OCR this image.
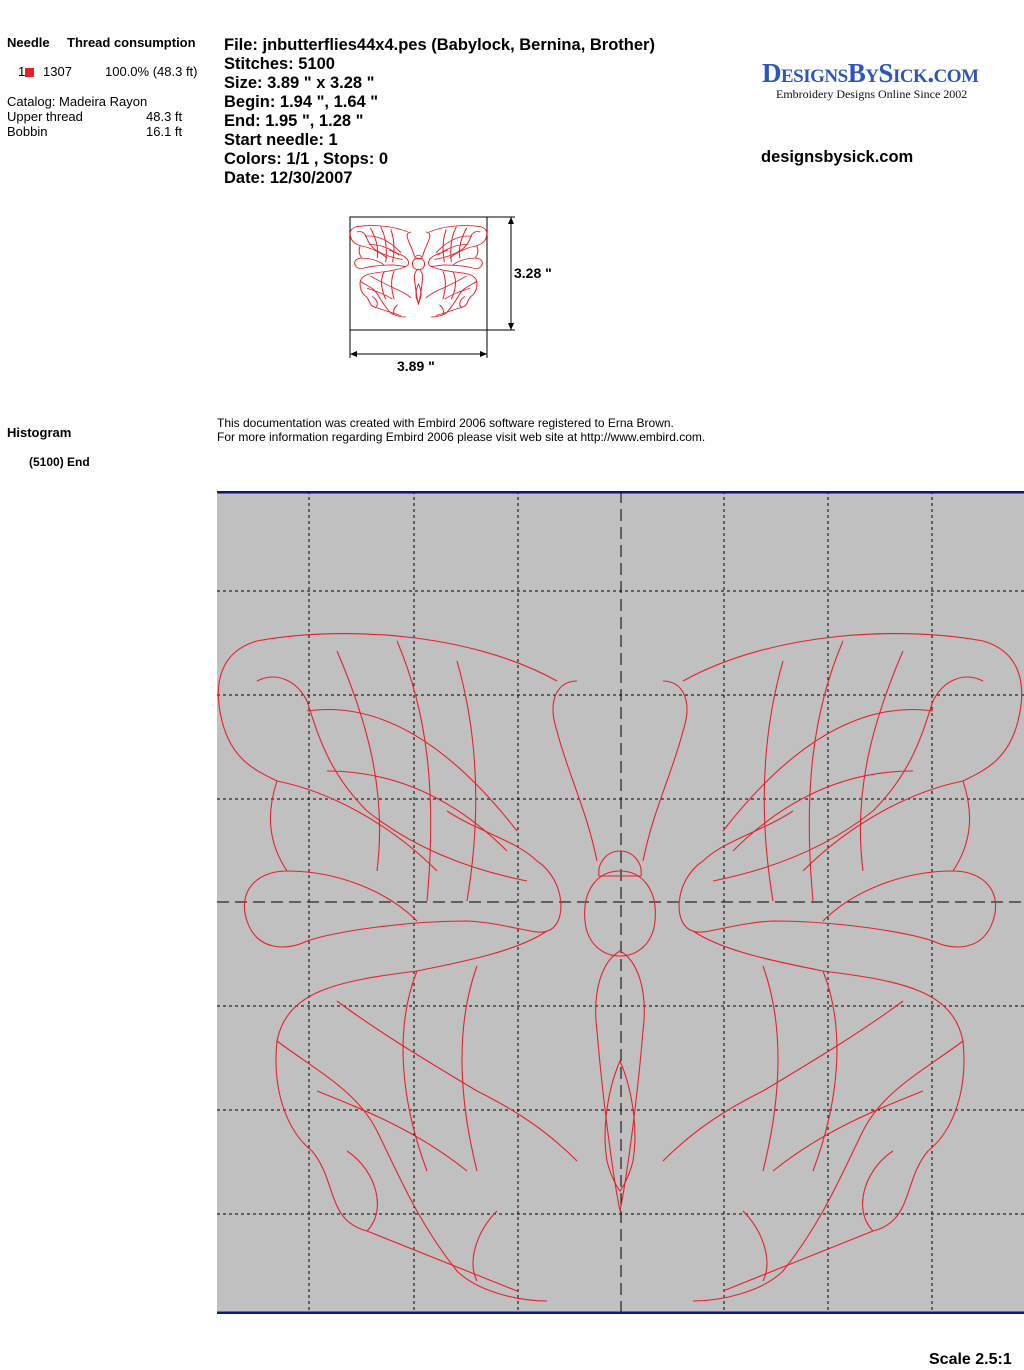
Needle Thread consumption
1	1307	100.0% (48.3 ft)
Catalog: Madeira Rayon
Upper thread	48.3 ft
Bobbin	16.1 ft
File: jnbutterflies44x4.pes (Babylock, Bernina, Brother)
Stitches: 5100
Size: 3.89 " x 3.28 "
Begin: 1.94 ", 1.64 "
End: 1.95 ", 1.28 "
Start needle: 1
Colors: 1/1 , Stops: 0
Date: 12/30/2007
DesignsBySick.com
Embroidery Designs Online Since 2002
designsbysick.com
3.28 "
3.89 "
Histogram
(5100) End
This documentation was created with Embird 2006 software registered to Erna Brown.
For more information regarding Embird 2006 please visit web site at http://www.embird.com.
Scale 2.5:1
